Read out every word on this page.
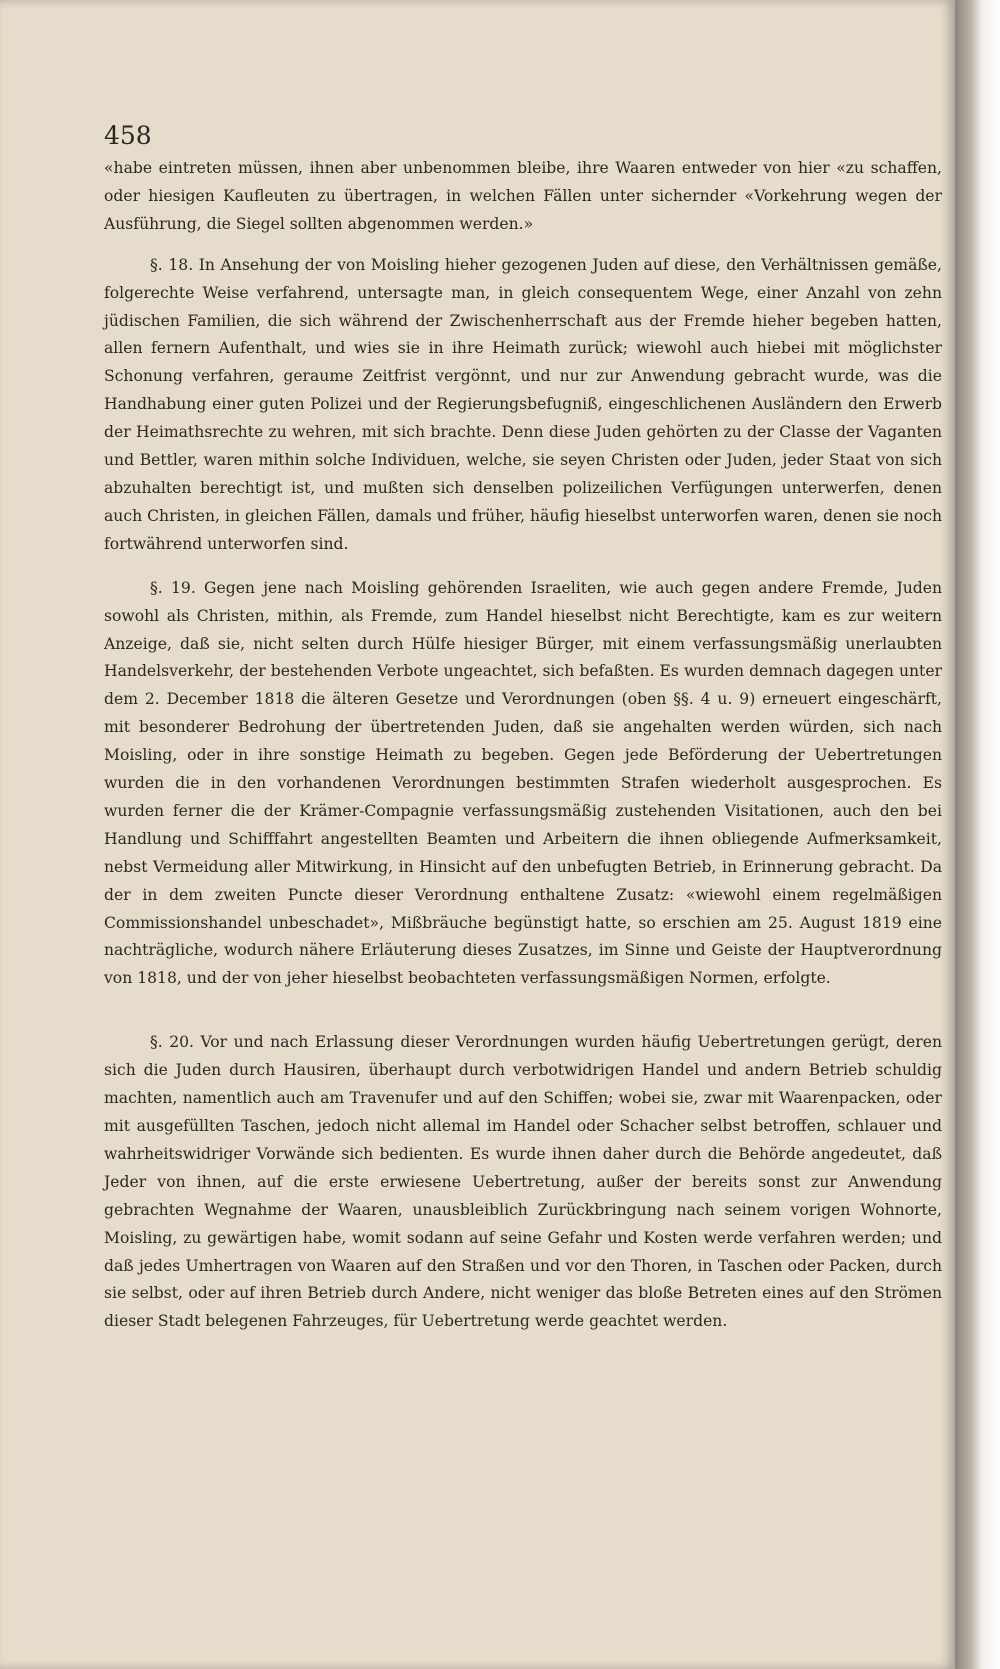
458

«habe eintreten müssen, ihnen aber unbenommen bleibe, ihre Waaren entweder von hier «zu schaffen, oder hiesigen Kaufleuten zu übertragen, in welchen Fällen unter sichernder «Vorkehrung wegen der Ausführung, die Siegel sollten abgenommen werden.»

§. 18. In Ansehung der von Moisling hieher gezogenen Juden auf diese, den Verhältnissen gemäße, folgerechte Weise verfahrend, untersagte man, in gleich consequentem Wege, einer Anzahl von zehn jüdischen Familien, die sich während der Zwischenherrschaft aus der Fremde hieher begeben hatten, allen fernern Aufenthalt, und wies sie in ihre Heimath zurück; wiewohl auch hiebei mit möglichster Schonung verfahren, geraume Zeitfrist vergönnt, und nur zur Anwendung gebracht wurde, was die Handhabung einer guten Polizei und der Regierungsbefugniß, eingeschlichenen Ausländern den Erwerb der Heimathsrechte zu wehren, mit sich brachte. Denn diese Juden gehörten zu der Classe der Vaganten und Bettler, waren mithin solche Individuen, welche, sie seyen Christen oder Juden, jeder Staat von sich abzuhalten berechtigt ist, und mußten sich denselben polizeilichen Verfügungen unterwerfen, denen auch Christen, in gleichen Fällen, damals und früher, häufig hieselbst unterworfen waren, denen sie noch fortwährend unterworfen sind.

§. 19. Gegen jene nach Moisling gehörenden Israeliten, wie auch gegen andere Fremde, Juden sowohl als Christen, mithin, als Fremde, zum Handel hieselbst nicht Berechtigte, kam es zur weitern Anzeige, daß sie, nicht selten durch Hülfe hiesiger Bürger, mit einem verfassungsmäßig unerlaubten Handelsverkehr, der bestehenden Verbote ungeachtet, sich befaßten. Es wurden demnach dagegen unter dem 2. December 1818 die älteren Gesetze und Verordnungen (oben §§. 4 u. 9) erneuert eingeschärft, mit besonderer Bedrohung der übertretenden Juden, daß sie angehalten werden würden, sich nach Moisling, oder in ihre sonstige Heimath zu begeben. Gegen jede Beförderung der Uebertretungen wurden die in den vorhandenen Verordnungen bestimmten Strafen wiederholt ausgesprochen. Es wurden ferner die der Krämer-Compagnie verfassungsmäßig zustehenden Visitationen, auch den bei Handlung und Schifffahrt angestellten Beamten und Arbeitern die ihnen obliegende Aufmerksamkeit, nebst Vermeidung aller Mitwirkung, in Hinsicht auf den unbefugten Betrieb, in Erinnerung gebracht. Da der in dem zweiten Puncte dieser Verordnung enthaltene Zusatz: «wiewohl einem regelmäßigen Commissionshandel unbeschadet», Mißbräuche begünstigt hatte, so erschien am 25. August 1819 eine nachträgliche, wodurch nähere Erläuterung dieses Zusatzes, im Sinne und Geiste der Hauptverordnung von 1818, und der von jeher hieselbst beobachteten verfassungsmäßigen Normen, erfolgte.

§. 20. Vor und nach Erlassung dieser Verordnungen wurden häufig Uebertretungen gerügt, deren sich die Juden durch Hausiren, überhaupt durch verbotwidrigen Handel und andern Betrieb schuldig machten, namentlich auch am Travenufer und auf den Schiffen; wobei sie, zwar mit Waarenpacken, oder mit ausgefüllten Taschen, jedoch nicht allemal im Handel oder Schacher selbst betroffen, schlauer und wahrheitswidriger Vorwände sich bedienten. Es wurde ihnen daher durch die Behörde angedeutet, daß Jeder von ihnen, auf die erste erwiesene Uebertretung, außer der bereits sonst zur Anwendung gebrachten Wegnahme der Waaren, unausbleiblich Zurückbringung nach seinem vorigen Wohnorte, Moisling, zu gewärtigen habe, womit sodann auf seine Gefahr und Kosten werde verfahren werden; und daß jedes Umhertragen von Waaren auf den Straßen und vor den Thoren, in Taschen oder Packen, durch sie selbst, oder auf ihren Betrieb durch Andere, nicht weniger das bloße Betreten eines auf den Strömen dieser Stadt belegenen Fahrzeuges, für Uebertretung werde geachtet werden.
